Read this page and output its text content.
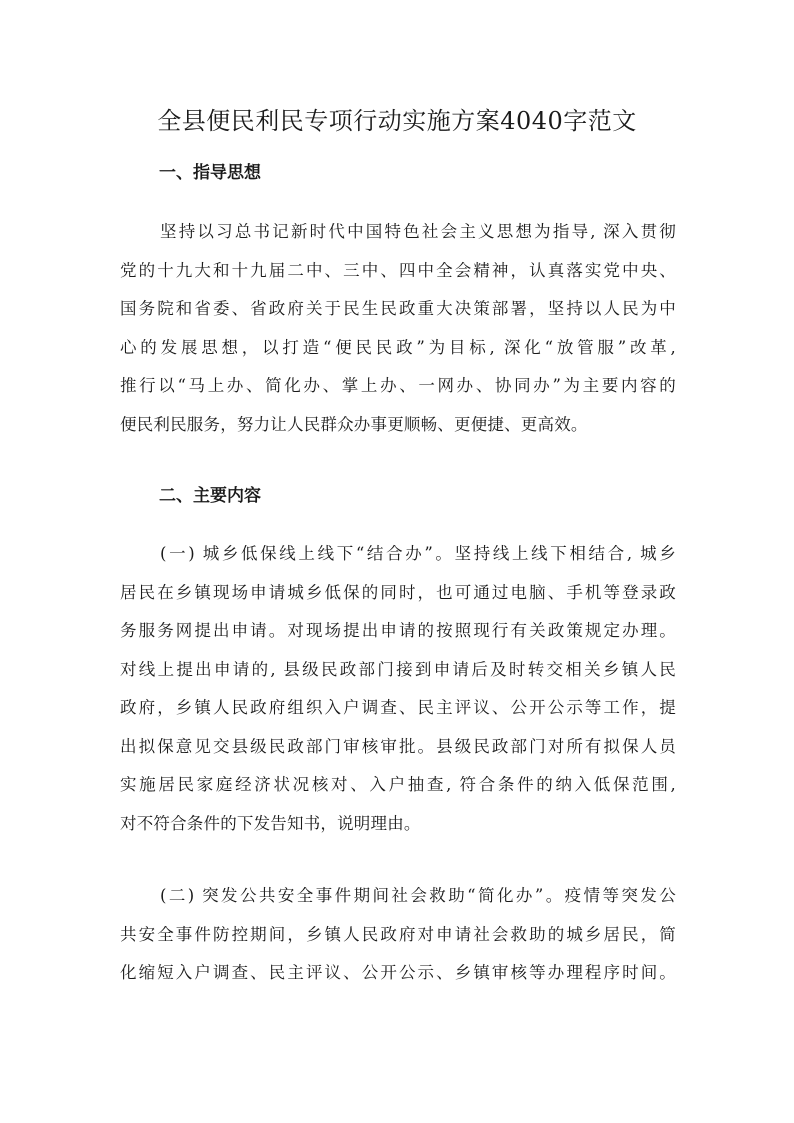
全县便民利民专项行动实施方案4040字范文
一、指导思想

坚持以习总书记新时代中国特色社会主义思想为指导, 深入贯彻
党的十九大和十九届二中、三中、四中全会精神，认真落实党中央、
国务院和省委、省政府关于民生民政重大决策部署，坚持以人民为中
心的发展思想，以打造“便民民政”为目标, 深化“放管服”改革,
推行以“马上办、简化办、掌上办、一网办、协同办”为主要内容的
便民利民服务，努力让人民群众办事更顺畅、更便捷、更高效。

二、主要内容

(一) 城乡低保线上线下“结合办”。坚持线上线下相结合, 城乡
居民在乡镇现场申请城乡低保的同时，也可通过电脑、手机等登录政
务服务网提出申请。对现场提出申请的按照现行有关政策规定办理。
对线上提出申请的, 县级民政部门接到申请后及时转交相关乡镇人民
政府，乡镇人民政府组织入户调查、民主评议、公开公示等工作，提
出拟保意见交县级民政部门审核审批。县级民政部门对所有拟保人员
实施居民家庭经济状况核对、入户抽查, 符合条件的纳入低保范围,
对不符合条件的下发告知书，说明理由。

(二) 突发公共安全事件期间社会救助“简化办”。疫情等突发公
共安全事件防控期间，乡镇人民政府对申请社会救助的城乡居民，简
化缩短入户调查、民主评议、公开公示、乡镇审核等办理程序时间。
